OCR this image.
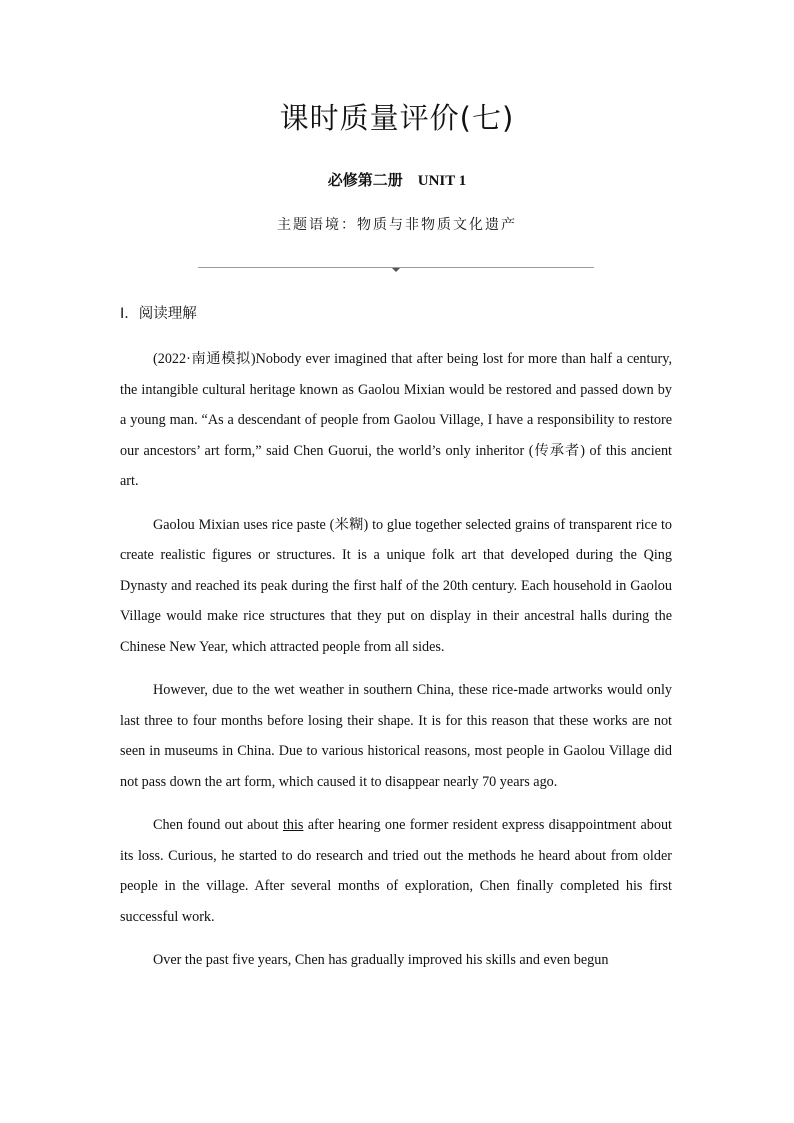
课时质量评价(七)
必修第二册　UNIT 1
主题语境：物质与非物质文化遗产
Ⅰ．阅读理解

(2022·南通模拟)Nobody ever imagined that after being lost for more than half a century, the intangible cultural heritage known as Gaolou Mixian would be restored and passed down by a young man. “As a descendant of people from Gaolou Village, I have a responsibility to restore our ancestors’ art form,” said Chen Guorui, the world’s only inheritor (传承者) of this ancient art.

Gaolou Mixian uses rice paste (米糊) to glue together selected grains of transparent rice to create realistic figures or structures. It is a unique folk art that developed during the Qing Dynasty and reached its peak during the first half of the 20th century. Each household in Gaolou Village would make rice structures that they put on display in their ancestral halls during the Chinese New Year, which attracted people from all sides.

However, due to the wet weather in southern China, these rice-made artworks would only last three to four months before losing their shape. It is for this reason that these works are not seen in museums in China. Due to various historical reasons, most people in Gaolou Village did not pass down the art form, which caused it to disappear nearly 70 years ago.

Chen found out about this after hearing one former resident express disappointment about its loss. Curious, he started to do research and tried out the methods he heard about from older people in the village. After several months of exploration, Chen finally completed his first successful work.

Over the past five years, Chen has gradually improved his skills and even begun
